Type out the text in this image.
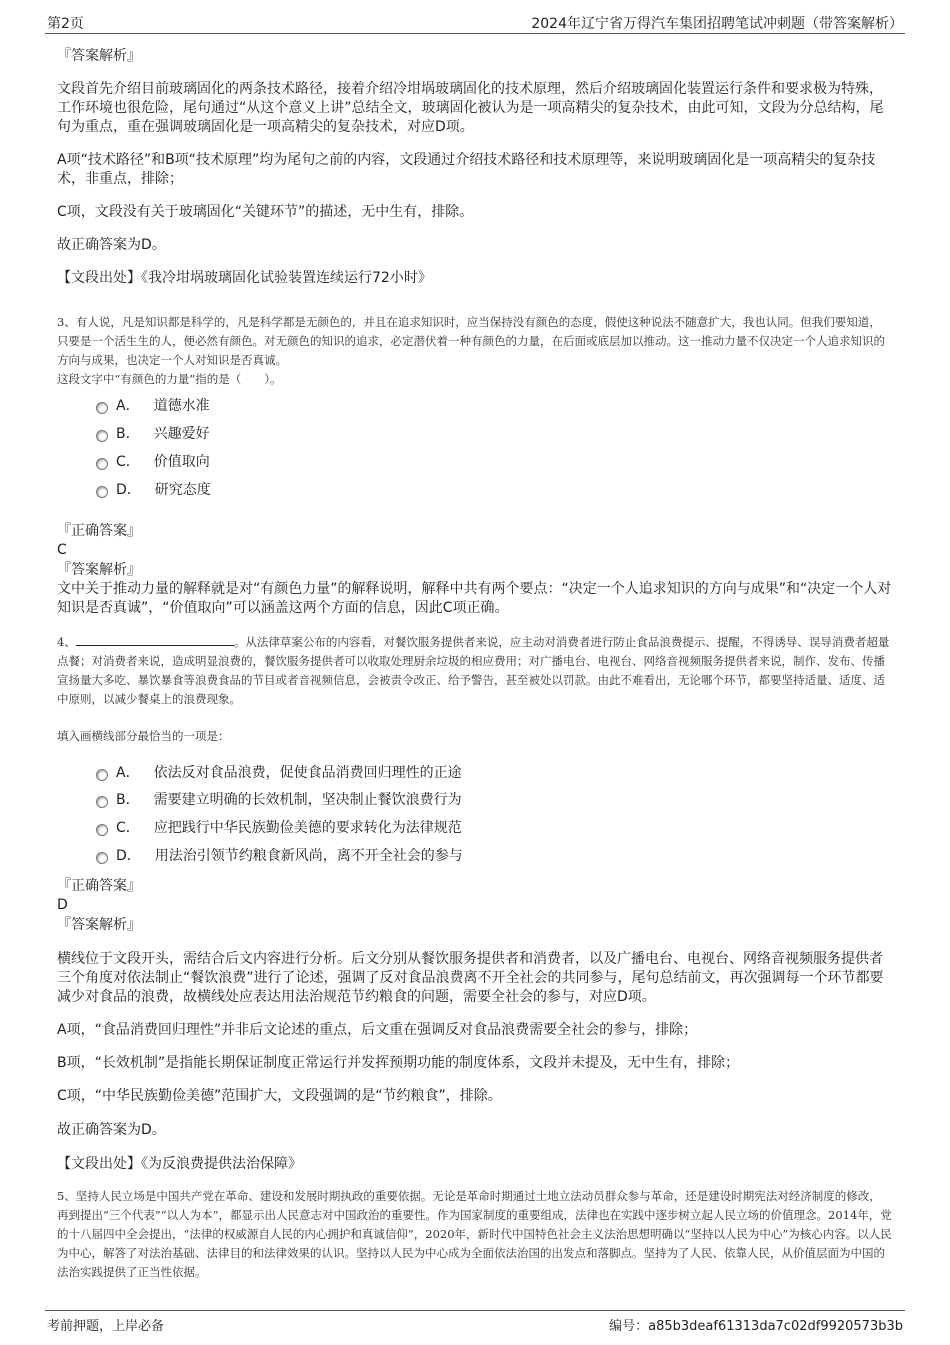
第2页	2024年辽宁省万得汽车集团招聘笔试冲刺题（带答案解析）

『答案解析』

文段首先介绍目前玻璃固化的两条技术路径，接着介绍冷坩埚玻璃固化的技术原理，然后介绍玻璃固化装置运行条件和要求极为特殊，工作环境也很危险，尾句通过“从这个意义上讲”总结全文，玻璃固化被认为是一项高精尖的复杂技术，由此可知，文段为分总结构，尾句为重点，重在强调玻璃固化是一项高精尖的复杂技术，对应D项。

A项“技术路径”和B项“技术原理”均为尾句之前的内容，文段通过介绍技术路径和技术原理等，来说明玻璃固化是一项高精尖的复杂技术，非重点，排除；

C项，文段没有关于玻璃固化“关键环节”的描述，无中生有，排除。

故正确答案为D。

【文段出处】《我冷坩埚玻璃固化试验装置连续运行72小时》

3、有人说，凡是知识都是科学的，凡是科学都是无颜色的，并且在追求知识时，应当保持没有颜色的态度，假使这种说法不随意扩大，我也认同。但我们要知道，只要是一个活生生的人，便必然有颜色。对无颜色的知识的追求，必定潜伏着一种有颜色的力量，在后面或底层加以推动。这一推动力量不仅决定一个人追求知识的方向与成果，也决定一个人对知识是否真诚。

这段文字中“有颜色的力量”指的是（　　）。

A． 道德水准
B． 兴趣爱好
C． 价值取向
D． 研究态度

『正确答案』

C

『答案解析』

文中关于推动力量的解释就是对“有颜色力量”的解释说明，解释中共有两个要点：“决定一个人追求知识的方向与成果”和“决定一个人对知识是否真诚”，“价值取向”可以涵盖这两个方面的信息，因此C项正确。

4、	。从法律草案公布的内容看，对餐饮服务提供者来说，应主动对消费者进行防止食品浪费提示、提醒，不得诱导、误导消费者超量点餐；对消费者来说，造成明显浪费的，餐饮服务提供者可以收取处理厨余垃圾的相应费用；对广播电台、电视台、网络音视频服务提供者来说，制作、发布、传播宣扬量大多吃、暴饮暴食等浪费食品的节目或者音视频信息，会被责令改正、给予警告，甚至被处以罚款。由此不难看出，无论哪个环节，都要坚持适量、适度、适中原则，以减少餐桌上的浪费现象。

填入画横线部分最恰当的一项是：

A． 依法反对食品浪费，促使食品消费回归理性的正途
B． 需要建立明确的长效机制，坚决制止餐饮浪费行为
C． 应把践行中华民族勤俭美德的要求转化为法律规范
D． 用法治引领节约粮食新风尚，离不开全社会的参与

『正确答案』

D

『答案解析』

横线位于文段开头，需结合后文内容进行分析。后文分别从餐饮服务提供者和消费者，以及广播电台、电视台、网络音视频服务提供者三个角度对依法制止“餐饮浪费”进行了论述，强调了反对食品浪费离不开全社会的共同参与，尾句总结前文，再次强调每一个环节都要减少对食品的浪费，故横线处应表达用法治规范节约粮食的问题，需要全社会的参与，对应D项。

A项，“食品消费回归理性”并非后文论述的重点，后文重在强调反对食品浪费需要全社会的参与，排除；

B项，“长效机制”是指能长期保证制度正常运行并发挥预期功能的制度体系，文段并未提及，无中生有，排除；

C项，“中华民族勤俭美德”范围扩大，文段强调的是“节约粮食”，排除。

故正确答案为D。

【文段出处】《为反浪费提供法治保障》

5、坚持人民立场是中国共产党在革命、建设和发展时期执政的重要依据。无论是革命时期通过土地立法动员群众参与革命，还是建设时期宪法对经济制度的修改，再到提出“三个代表”“以人为本”，都显示出人民意志对中国政治的重要性。作为国家制度的重要组成，法律也在实践中逐步树立起人民立场的价值理念。2014年，党的十八届四中全会提出，“法律的权威源自人民的内心拥护和真诚信仰”，2020年，新时代中国特色社会主义法治思想明确以“坚持以人民为中心”为核心内容。以人民为中心，解答了对法治基础、法律目的和法律效果的认识。坚持以人民为中心成为全面依法治国的出发点和落脚点。坚持为了人民、依靠人民，从价值层面为中国的法治实践提供了正当性依据。

考前押题，上岸必备	编号：a85b3deaf61313da7c02df9920573b3b
